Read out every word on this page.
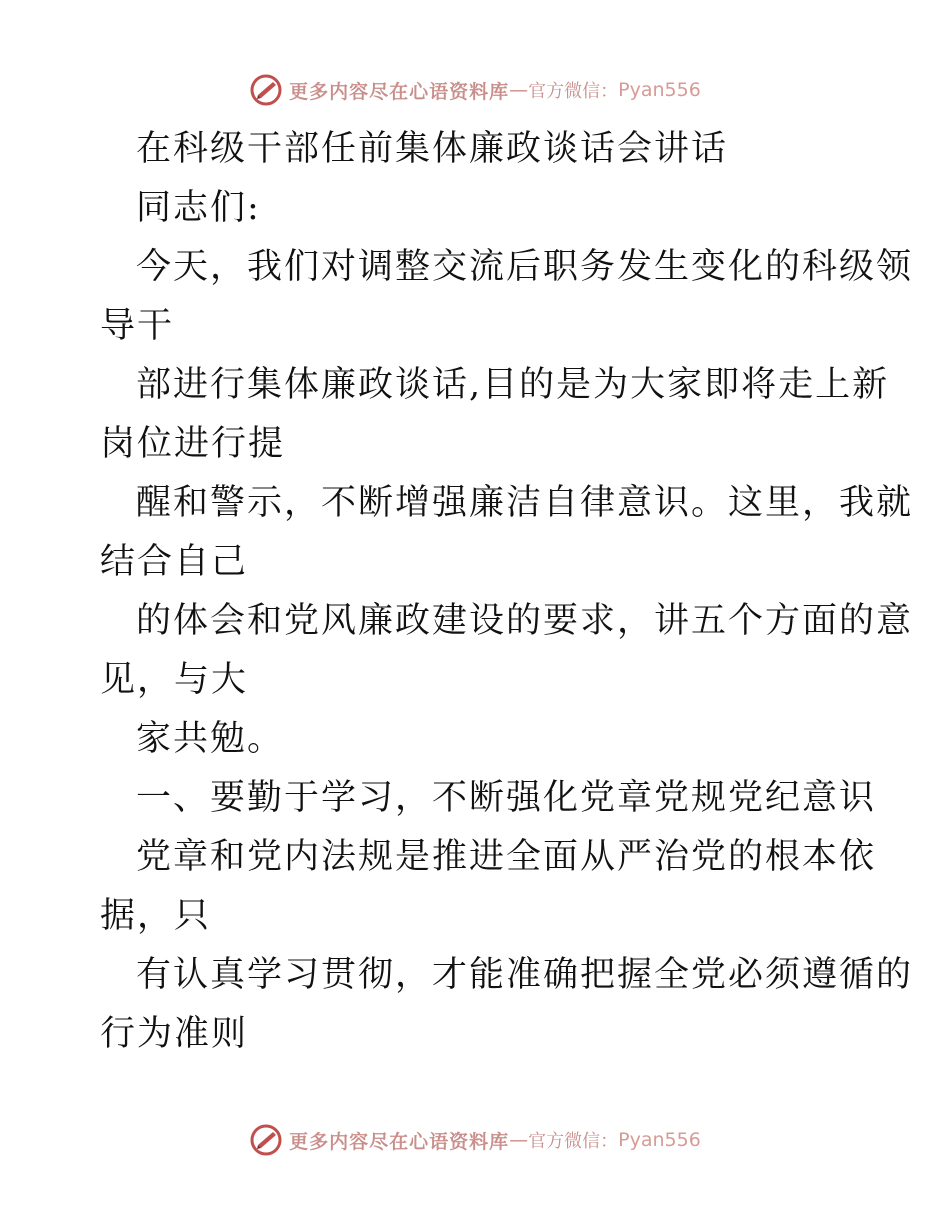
更多内容尽在心语资料库 — 官方微信： Pyan556
在科级干部任前集体廉政谈话会讲话
同志们:
今天，我们对调整交流后职务发生变化的科级领
导干
部进行集体廉政谈话,目的是为大家即将走上新
岗位进行提
醒和警示，不断增强廉洁自律意识。这里，我就
结合自己
的体会和党风廉政建设的要求，讲五个方面的意
见，与大
家共勉。
一、要勤于学习，不断强化党章党规党纪意识
党章和党内法规是推进全面从严治党的根本依
据，只
有认真学习贯彻，才能准确把握全党必须遵循的
行为准则
更多内容尽在心语资料库 — 官方微信： Pyan556
